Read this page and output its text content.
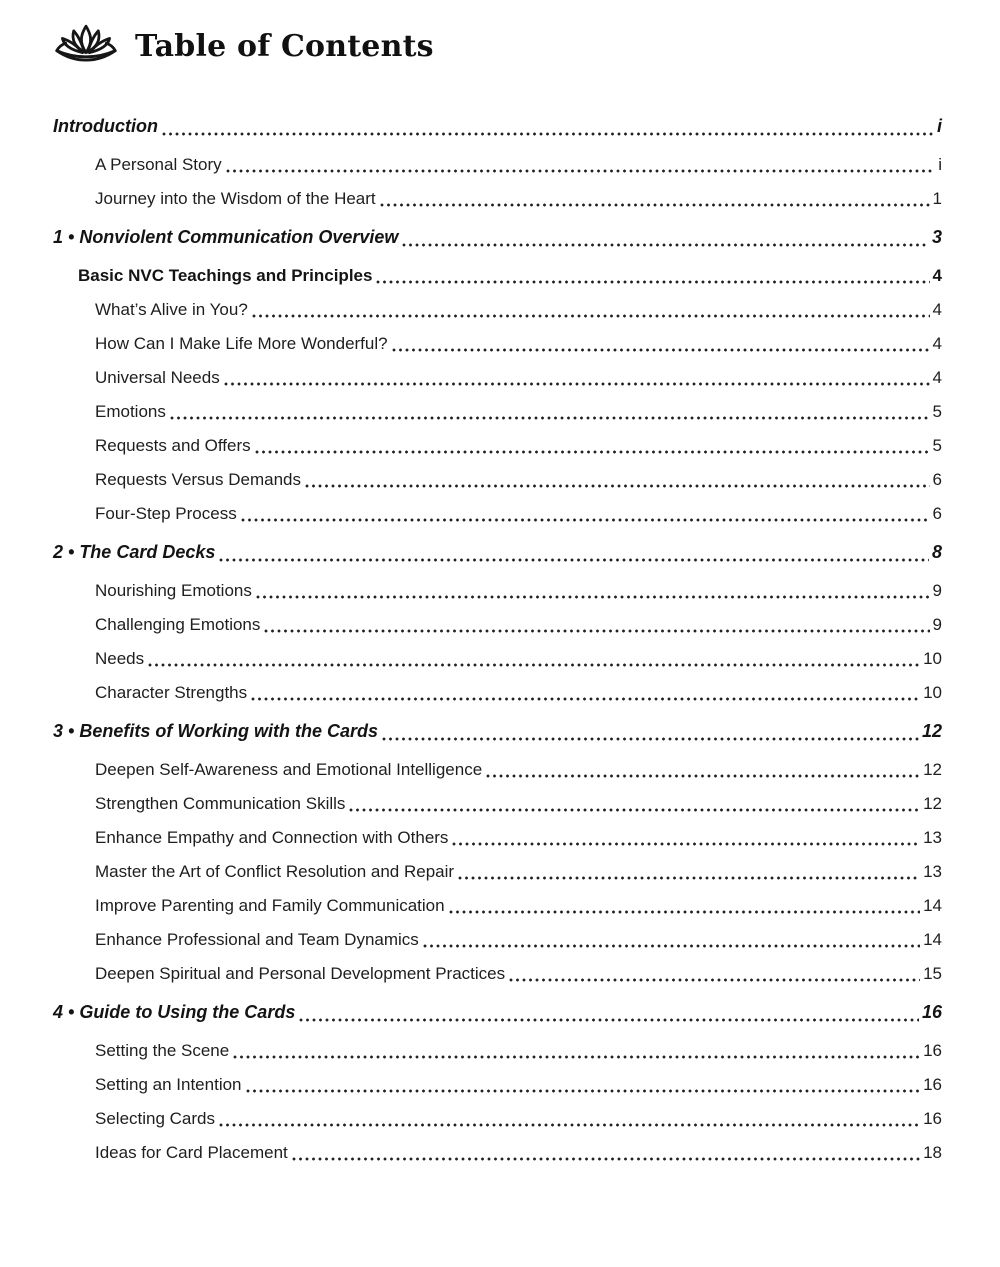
Table of Contents
Introduction	i
A Personal Story	i
Journey into the Wisdom of the Heart	1
1 • Nonviolent Communication Overview	3
Basic NVC Teachings and Principles	4
What’s Alive in You?	4
How Can I Make Life More Wonderful?	4
Universal Needs	4
Emotions	5
Requests and Offers	5
Requests Versus Demands	6
Four-Step Process	6
2 • The Card Decks	8
Nourishing Emotions	9
Challenging Emotions	9
Needs	10
Character Strengths	10
3 • Benefits of Working with the Cards	12
Deepen Self-Awareness and Emotional Intelligence	12
Strengthen Communication Skills	12
Enhance Empathy and Connection with Others	13
Master the Art of Conflict Resolution and Repair	13
Improve Parenting and Family Communication	14
Enhance Professional and Team Dynamics	14
Deepen Spiritual and Personal Development Practices	15
4 • Guide to Using the Cards	16
Setting the Scene	16
Setting an Intention	16
Selecting Cards	16
Ideas for Card Placement	18
